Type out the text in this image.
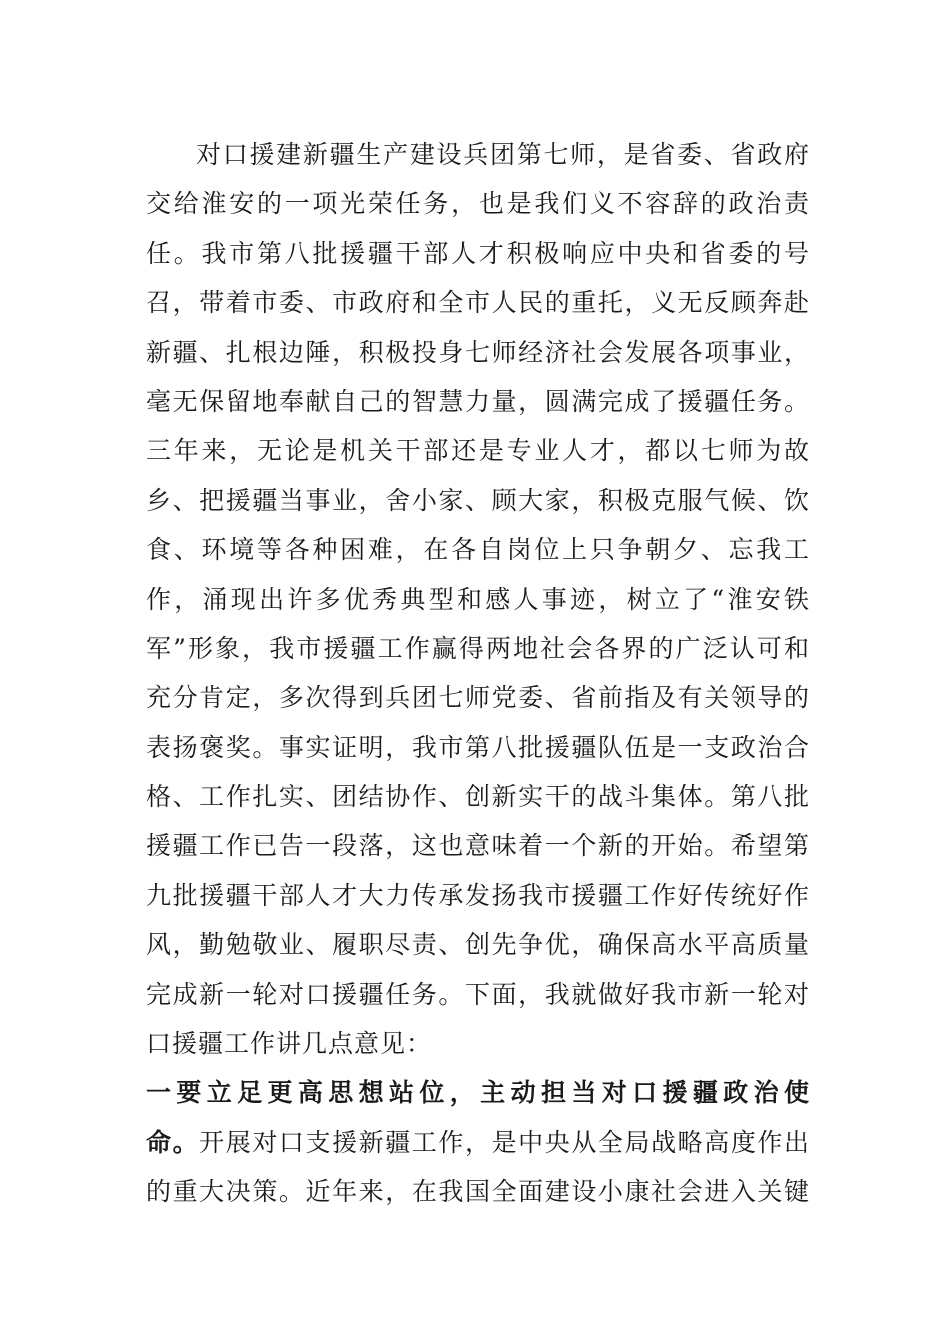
对口援建新疆生产建设兵团第七师，是省委、省政府
交给淮安的一项光荣任务，也是我们义不容辞的政治责
任。我市第八批援疆干部人才积极响应中央和省委的号
召，带着市委、市政府和全市人民的重托，义无反顾奔赴
新疆、扎根边陲，积极投身七师经济社会发展各项事业，
毫无保留地奉献自己的智慧力量，圆满完成了援疆任务。
三年来，无论是机关干部还是专业人才，都以七师为故
乡、把援疆当事业，舍小家、顾大家，积极克服气候、饮
食、环境等各种困难，在各自岗位上只争朝夕、忘我工
作，涌现出许多优秀典型和感人事迹，树立了“淮安铁
军”形象，我市援疆工作赢得两地社会各界的广泛认可和
充分肯定，多次得到兵团七师党委、省前指及有关领导的
表扬褒奖。事实证明，我市第八批援疆队伍是一支政治合
格、工作扎实、团结协作、创新实干的战斗集体。第八批
援疆工作已告一段落，这也意味着一个新的开始。希望第
九批援疆干部人才大力传承发扬我市援疆工作好传统好作
风，勤勉敬业、履职尽责、创先争优，确保高水平高质量
完成新一轮对口援疆任务。下面，我就做好我市新一轮对
口援疆工作讲几点意见：
一要立足更高思想站位，主动担当对口援疆政治使
命。开展对口支援新疆工作，是中央从全局战略高度作出
的重大决策。近年来，在我国全面建设小康社会进入关键
